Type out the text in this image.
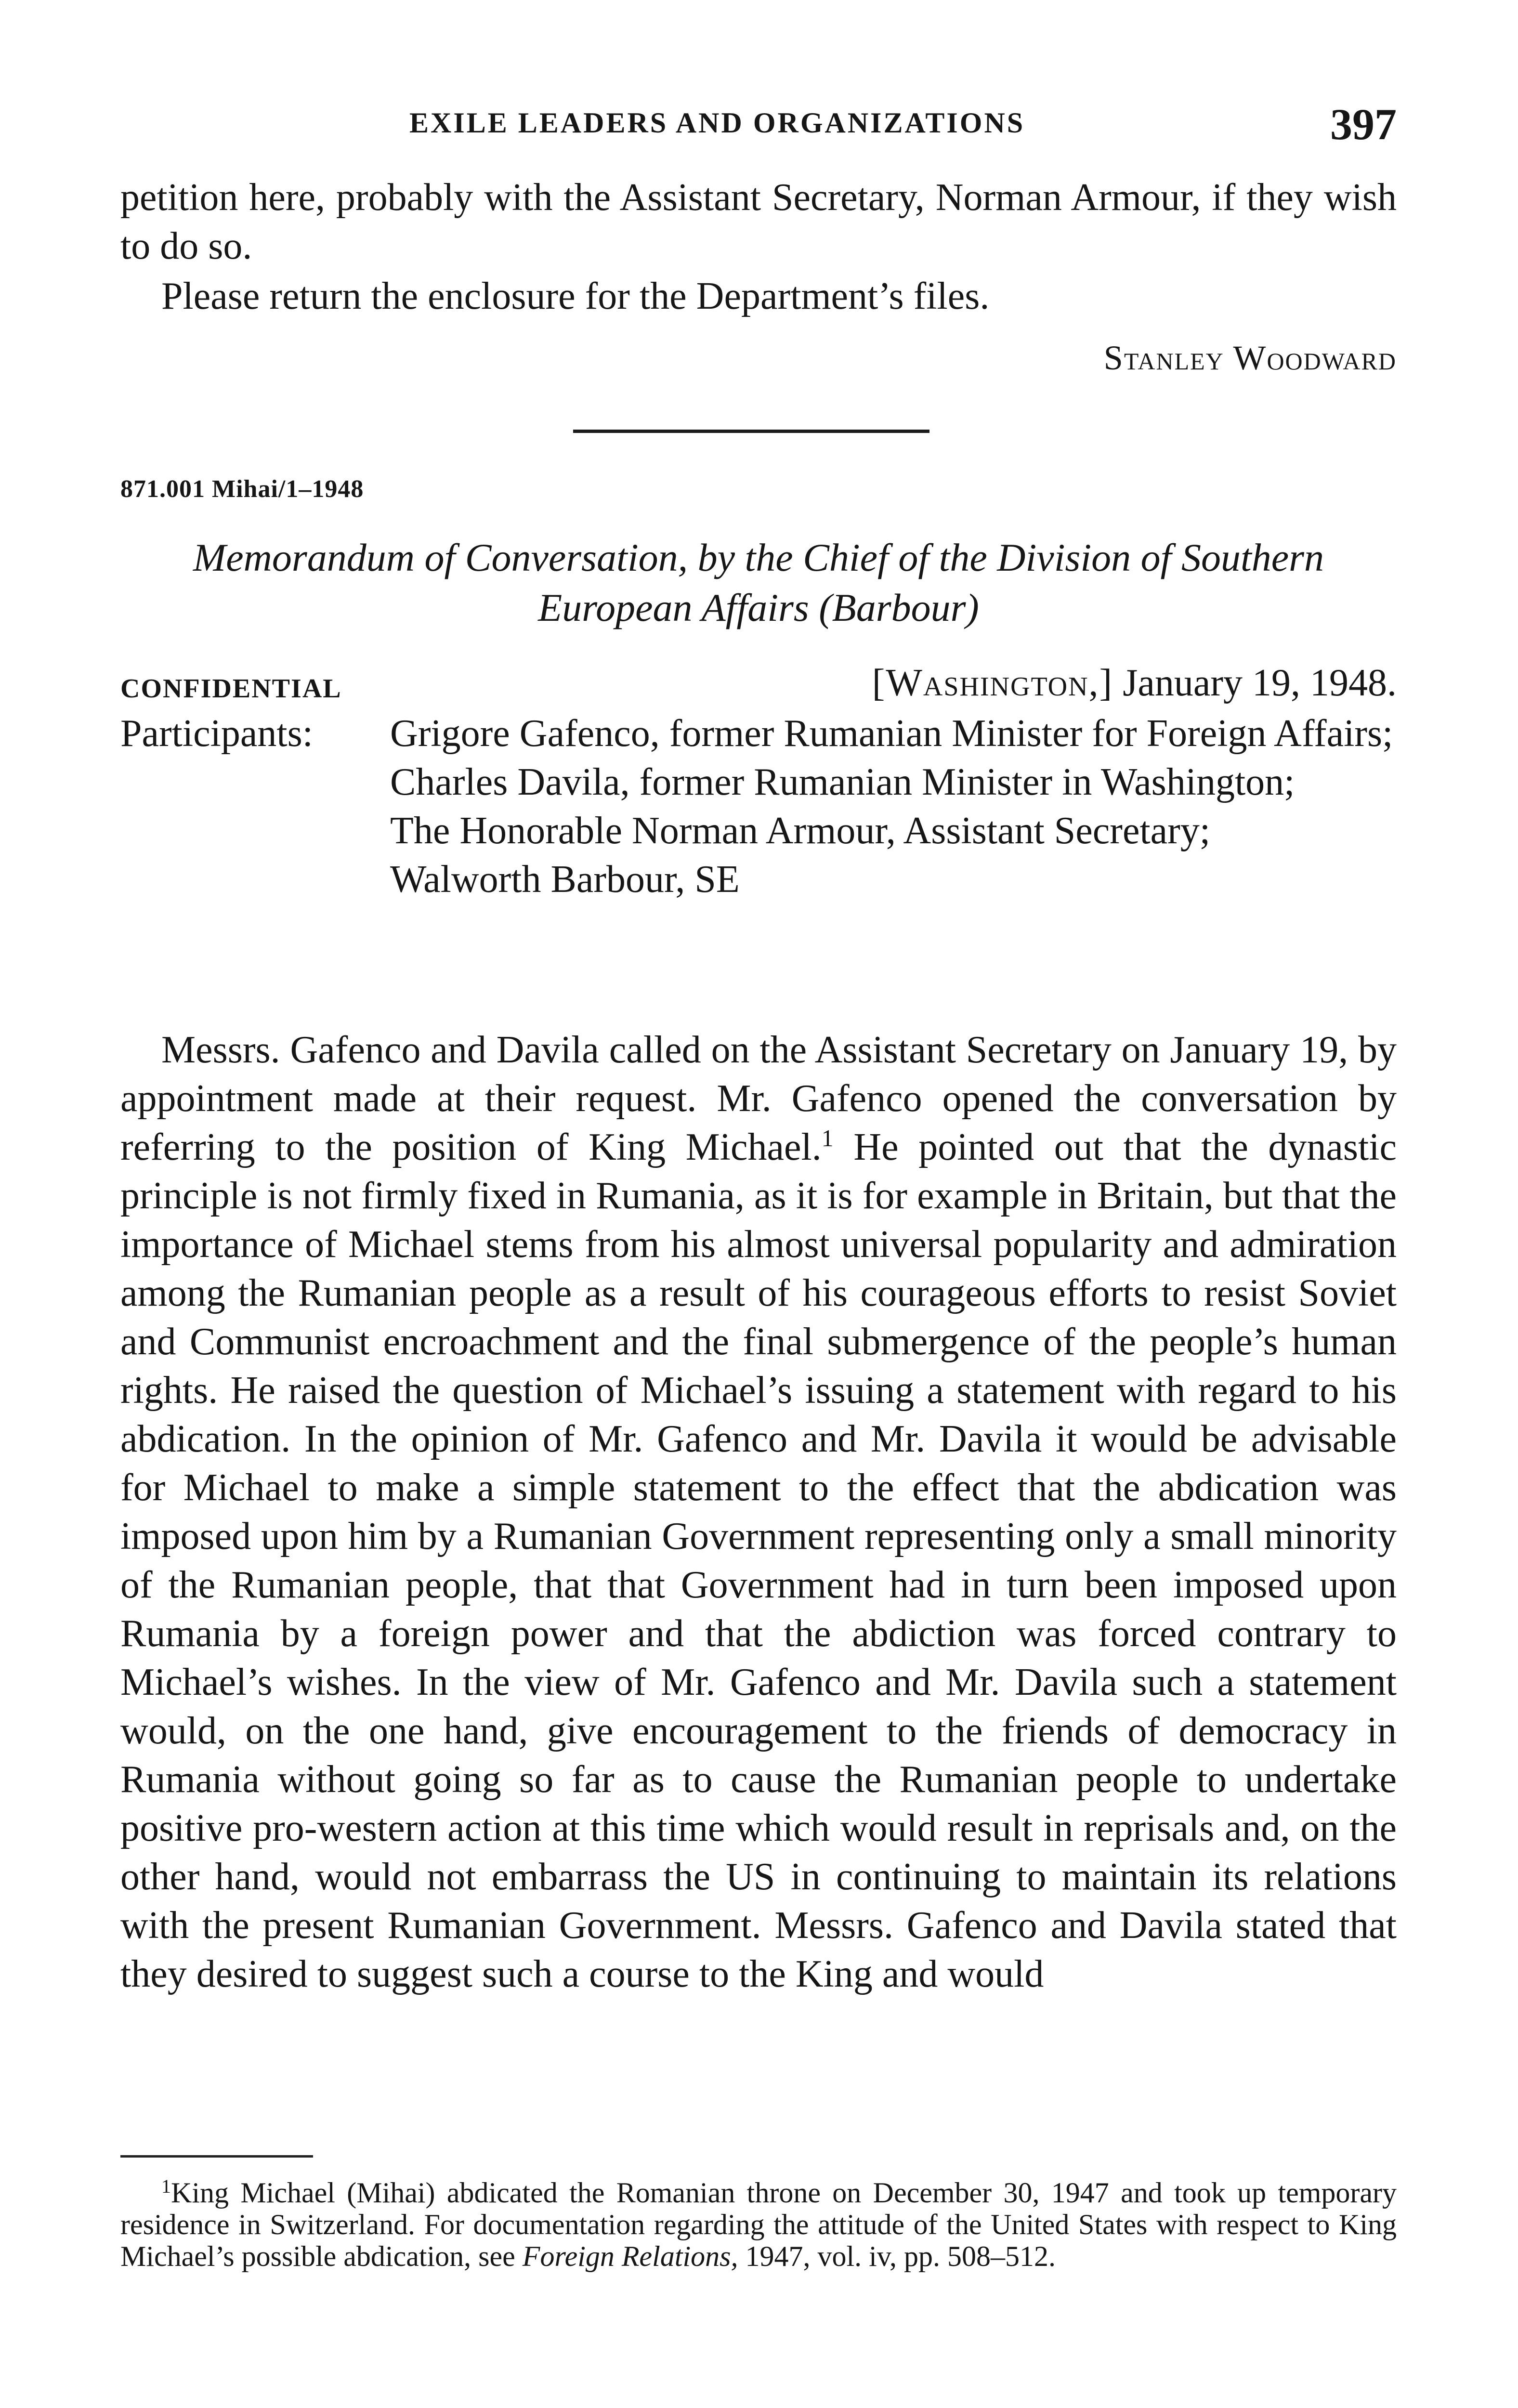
EXILE LEADERS AND ORGANIZATIONS	397

petition here, probably with the Assistant Secretary, Norman Armour, if they wish to do so.

Please return the enclosure for the Department’s files.

Stanley Woodward
871.001 Mihai/1–1948
Memorandum of Conversation, by the Chief of the Division of Southern European Affairs (Barbour)
CONFIDENTIAL	[Washington,] January 19, 1948.
Participants: Grigore Gafenco, former Rumanian Minister for Foreign Affairs;
Charles Davila, former Rumanian Minister in Washington;
The Honorable Norman Armour, Assistant Secretary;
Walworth Barbour, SE

Messrs. Gafenco and Davila called on the Assistant Secretary on January 19, by appointment made at their request. Mr. Gafenco opened the conversation by referring to the position of King Michael.$^1$ He pointed out that the dynastic principle is not firmly fixed in Rumania, as it is for example in Britain, but that the importance of Michael stems from his almost universal popularity and admiration among the Rumanian people as a result of his courageous efforts to resist Soviet and Communist encroachment and the final submergence of the people’s human rights. He raised the question of Michael’s issuing a statement with regard to his abdication. In the opinion of Mr. Gafenco and Mr. Davila it would be advisable for Michael to make a simple statement to the effect that the abdication was imposed upon him by a Rumanian Government representing only a small minority of the Rumanian people, that that Government had in turn been imposed upon Rumania by a foreign power and that the abdiction was forced contrary to Michael’s wishes. In the view of Mr. Gafenco and Mr. Davila such a statement would, on the one hand, give encouragement to the friends of democracy in Rumania without going so far as to cause the Rumanian people to undertake positive pro-western action at this time which would result in reprisals and, on the other hand, would not embarrass the US in continuing to maintain its relations with the present Rumanian Government. Messrs. Gafenco and Davila stated that they desired to suggest such a course to the King and would

$^1$King Michael (Mihai) abdicated the Romanian throne on December 30, 1947 and took up temporary residence in Switzerland. For documentation regarding the attitude of the United States with respect to King Michael’s possible abdication, see Foreign Relations, 1947, vol. iv, pp. 508–512.
